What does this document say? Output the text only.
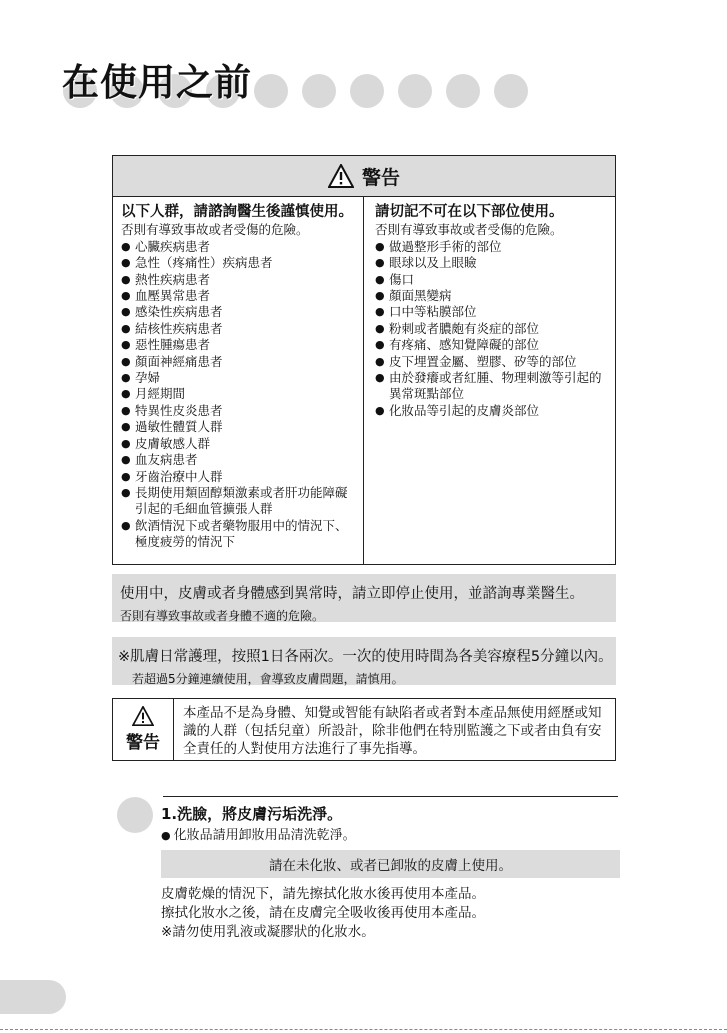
在使用之前
警告
以下人群，請諮詢醫生後謹慎使用。
否則有導致事故或者受傷的危險。
● 心臟疾病患者
● 急性（疼痛性）疾病患者
● 熱性疾病患者
● 血壓異常患者
● 感染性疾病患者
● 結核性疾病患者
● 惡性腫瘍患者
● 顏面神經痛患者
● 孕婦
● 月經期間
● 特異性皮炎患者
● 過敏性體質人群
● 皮膚敏感人群
● 血友病患者
● 牙齒治療中人群
● 長期使用類固醇類激素或者肝功能障礙引起的毛細血管擴張人群
● 飲酒情況下或者藥物服用中的情況下、極度疲勞的情況下
請切記不可在以下部位使用。
否則有導致事故或者受傷的危險。
● 做過整形手術的部位
● 眼球以及上眼瞼
● 傷口
● 顏面黑變病
● 口中等粘膜部位
● 粉刺或者膿皰有炎症的部位
● 有疼痛、感知覺障礙的部位
● 皮下埋置金屬、塑膠、矽等的部位
● 由於發癢或者紅腫、物理刺激等引起的異常斑點部位
● 化妝品等引起的皮膚炎部位
使用中，皮膚或者身體感到異常時，請立即停止使用，並諮詢專業醫生。
否則有導致事故或者身體不適的危險。
※肌膚日常護理，按照1日各兩次。一次的使用時間為各美容療程5分鐘以內。
若超過5分鐘連續使用，會導致皮膚問題，請慎用。
警告
本產品不是為身體、知覺或智能有缺陷者或者對本產品無使用經歷或知識的人群（包括兒童）所設計，除非他們在特別監護之下或者由負有安全責任的人對使用方法進行了事先指導。
1.洗臉，將皮膚污垢洗淨。
● 化妝品請用卸妝用品清洗乾淨。
請在未化妝、或者已卸妝的皮膚上使用。
皮膚乾燥的情況下，請先擦拭化妝水後再使用本產品。
擦拭化妝水之後，請在皮膚完全吸收後再使用本產品。
※請勿使用乳液或凝膠狀的化妝水。
